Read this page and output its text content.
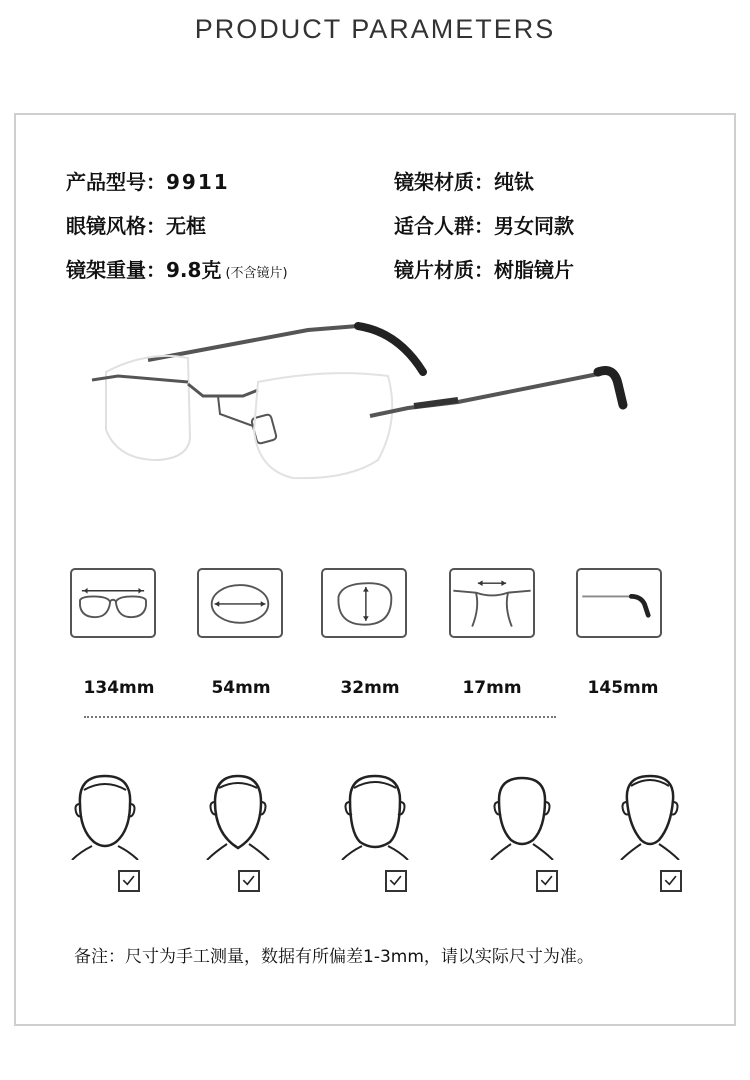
PRODUCT PARAMETERS
产品型号：9911
眼镜风格：无框
镜架重量：9.8克 (不含镜片)
镜架材质：纯钛
适合人群：男女同款
镜片材质：树脂镜片
134mm	54mm	32mm	17mm	145mm
备注：尺寸为手工测量，数据有所偏差1-3mm，请以实际尺寸为准。
